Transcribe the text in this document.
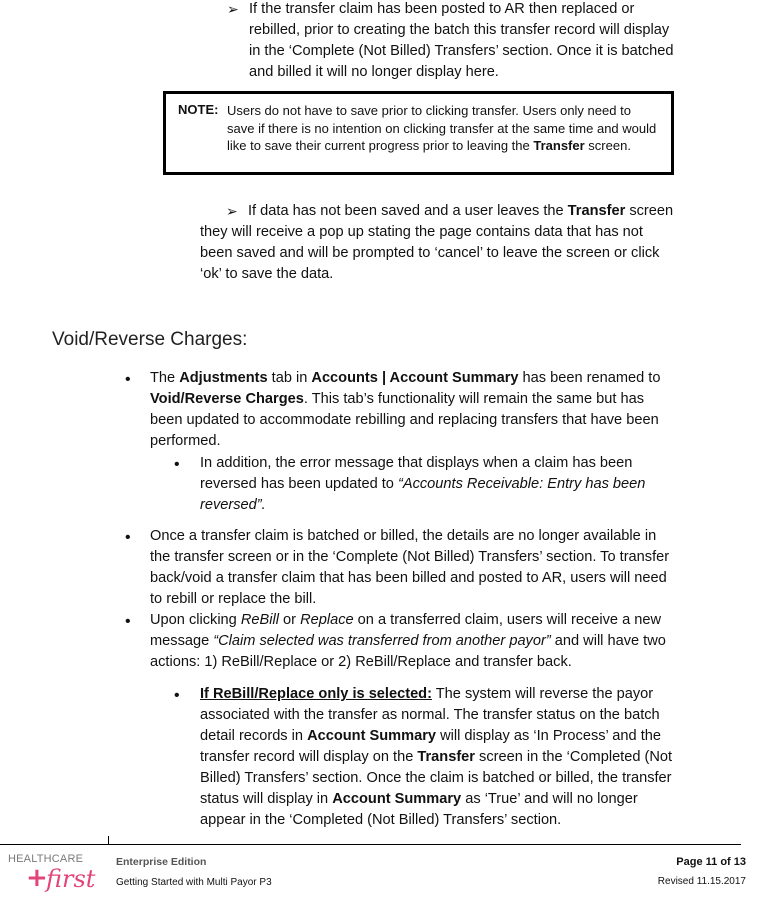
➢ If the transfer claim has been posted to AR then replaced or
rebilled, prior to creating the batch this transfer record will display
in the ‘Complete (Not Billed) Transfers’ section. Once it is batched
and billed it will no longer display here.
NOTE: Users do not have to save prior to clicking transfer. Users only need to save if there is no intention on clicking transfer at the same time and would like to save their current progress prior to leaving the Transfer screen.
➢ If data has not been saved and a user leaves the Transfer screen
they will receive a pop up stating the page contains data that has not
been saved and will be prompted to ‘cancel’ to leave the screen or click
‘ok’ to save the data.
Void/Reverse Charges:
• The Adjustments tab in Accounts | Account Summary has been renamed to
Void/Reverse Charges. This tab’s functionality will remain the same but has
been updated to accommodate rebilling and replacing transfers that have been
performed.
• In addition, the error message that displays when a claim has been
reversed has been updated to “Accounts Receivable: Entry has been
reversed”.
• Once a transfer claim is batched or billed, the details are no longer available in
the transfer screen or in the ‘Complete (Not Billed) Transfers’ section. To transfer
back/void a transfer claim that has been billed and posted to AR, users will need
to rebill or replace the bill.
• Upon clicking ReBill or Replace on a transferred claim, users will receive a new
message “Claim selected was transferred from another payor” and will have two
actions: 1) ReBill/Replace or 2) ReBill/Replace and transfer back.
• If ReBill/Replace only is selected: The system will reverse the payor
associated with the transfer as normal. The transfer status on the batch
detail records in Account Summary will display as ‘In Process’ and the
transfer record will display on the Transfer screen in the ‘Completed (Not
Billed) Transfers’ section. Once the claim is batched or billed, the transfer
status will display in Account Summary as ‘True’ and will no longer
appear in the ‘Completed (Not Billed) Transfers’ section.
HEALTHCARE
+
first
Enterprise Edition
Getting Started with Multi Payor P3
Page 11 of 13
Revised 11.15.2017
